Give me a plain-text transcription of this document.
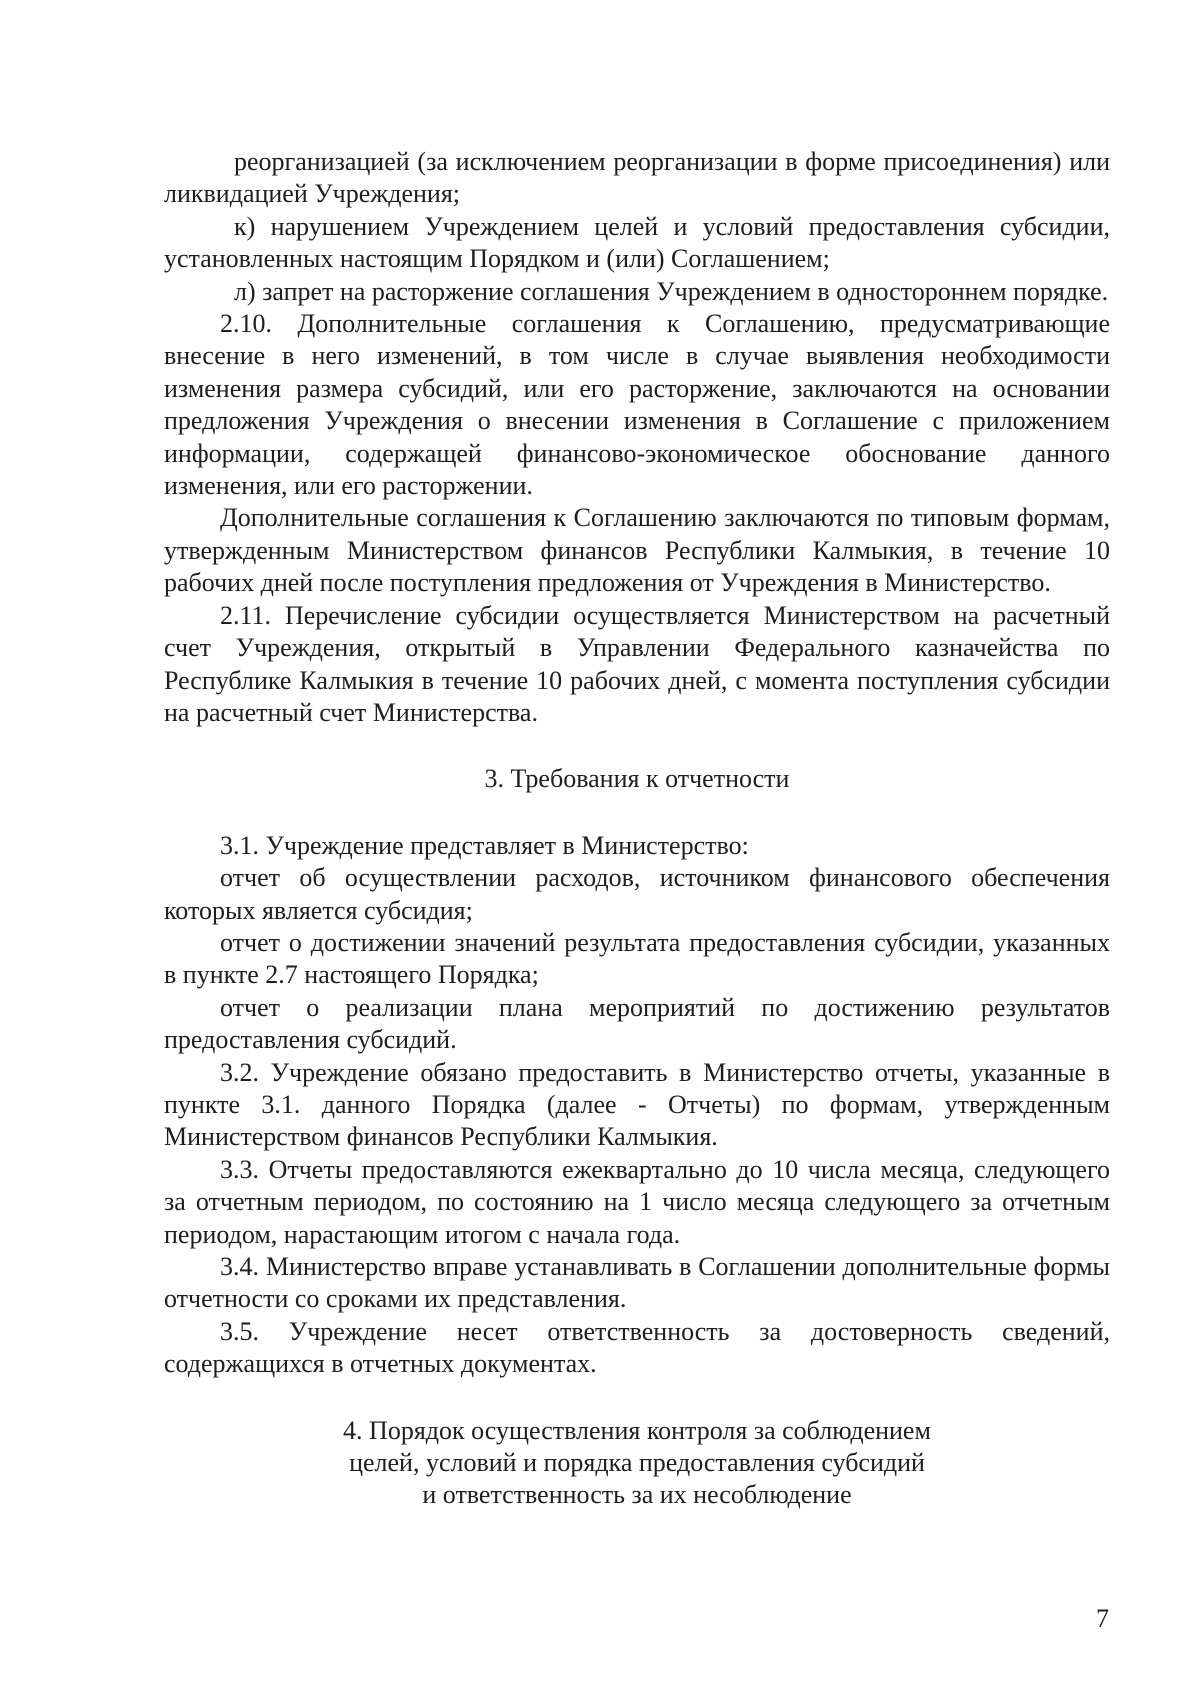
реорганизацией (за исключением реорганизации в форме присоединения) или ликвидацией Учреждения;

к) нарушением Учреждением целей и условий предоставления субсидии, установленных настоящим Порядком и (или) Соглашением;

л) запрет на расторжение соглашения Учреждением в одностороннем порядке.

2.10. Дополнительные соглашения к Соглашению, предусматривающие внесение в него изменений, в том числе в случае выявления необходимости изменения размера субсидий, или его расторжение, заключаются на основании предложения Учреждения о внесении изменения в Соглашение с приложением информации, содержащей финансово-экономическое обоснование данного изменения, или его расторжении.

Дополнительные соглашения к Соглашению заключаются по типовым формам, утвержденным Министерством финансов Республики Калмыкия, в течение 10 рабочих дней после поступления предложения от Учреждения в Министерство.

2.11. Перечисление субсидии осуществляется Министерством на расчетный счет Учреждения, открытый в Управлении Федерального казначейства по Республике Калмыкия в течение 10 рабочих дней, с момента поступления субсидии на расчетный счет Министерства.

3. Требования к отчетности

3.1. Учреждение представляет в Министерство:

отчет об осуществлении расходов, источником финансового обеспечения которых является субсидия;

отчет о достижении значений результата предоставления субсидии, указанных в пункте 2.7 настоящего Порядка;

отчет о реализации плана мероприятий по достижению результатов предоставления субсидий.

3.2. Учреждение обязано предоставить в Министерство отчеты, указанные в пункте 3.1. данного Порядка (далее - Отчеты) по формам, утвержденным Министерством финансов Республики Калмыкия.

3.3. Отчеты предоставляются ежеквартально до 10 числа месяца, следующего за отчетным периодом, по состоянию на 1 число месяца следующего за отчетным периодом, нарастающим итогом с начала года.

3.4. Министерство вправе устанавливать в Соглашении дополнительные формы отчетности со сроками их представления.

3.5. Учреждение несет ответственность за достоверность сведений, содержащихся в отчетных документах.

4. Порядок осуществления контроля за соблюдением
целей, условий и порядка предоставления субсидий
и ответственность за их несоблюдение
7
